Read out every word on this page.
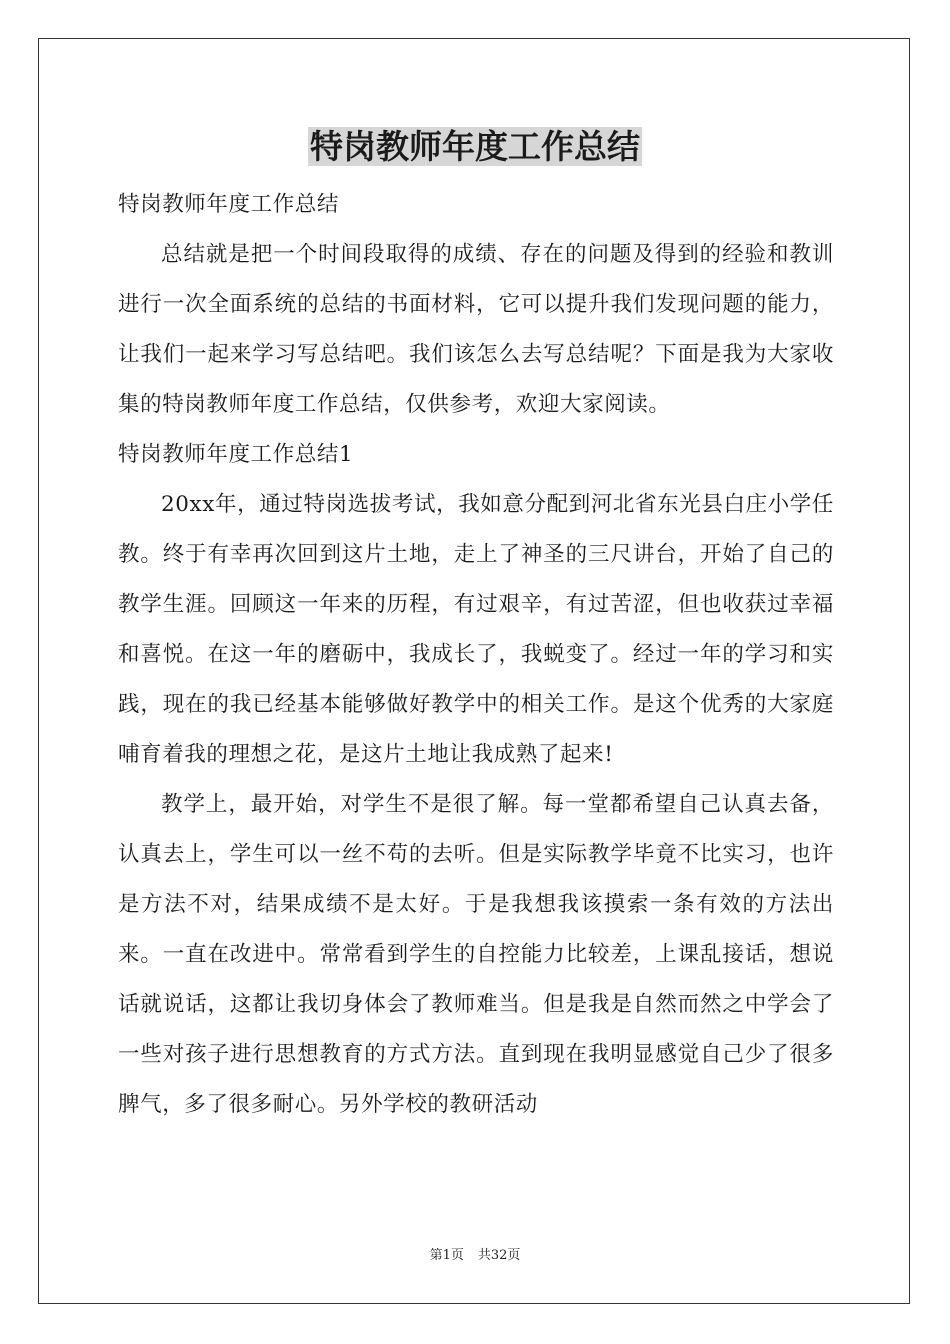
特岗教师年度工作总结

特岗教师年度工作总结

总结就是把一个时间段取得的成绩、存在的问题及得到的经验和教训进行一次全面系统的总结的书面材料，它可以提升我们发现问题的能力，让我们一起来学习写总结吧。我们该怎么去写总结呢？下面是我为大家收集的特岗教师年度工作总结，仅供参考，欢迎大家阅读。

特岗教师年度工作总结1

20xx年，通过特岗选拔考试，我如意分配到河北省东光县白庄小学任教。终于有幸再次回到这片土地，走上了神圣的三尺讲台，开始了自己的教学生涯。回顾这一年来的历程，有过艰辛，有过苦涩，但也收获过幸福和喜悦。在这一年的磨砺中，我成长了，我蜕变了。经过一年的学习和实践，现在的我已经基本能够做好教学中的相关工作。是这个优秀的大家庭哺育着我的理想之花，是这片土地让我成熟了起来!

教学上，最开始，对学生不是很了解。每一堂都希望自己认真去备，认真去上，学生可以一丝不苟的去听。但是实际教学毕竟不比实习，也许是方法不对，结果成绩不是太好。于是我想我该摸索一条有效的方法出来。一直在改进中。常常看到学生的自控能力比较差，上课乱接话，想说话就说话，这都让我切身体会了教师难当。但是我是自然而然之中学会了一些对孩子进行思想教育的方式方法。直到现在我明显感觉自己少了很多脾气，多了很多耐心。另外学校的教研活动

第1页 共32页
